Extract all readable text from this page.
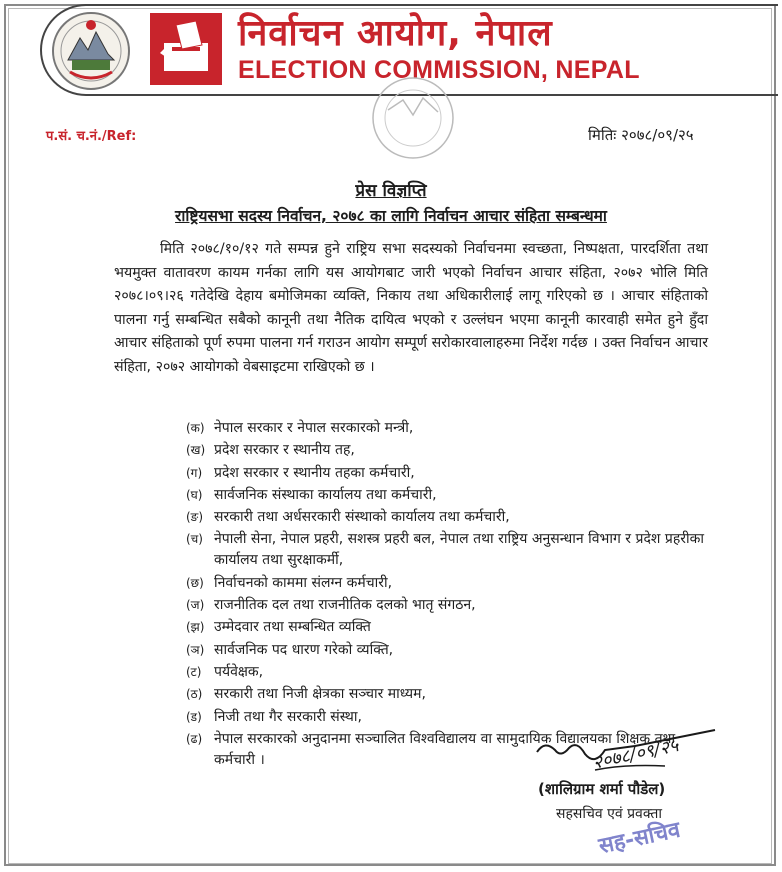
निर्वाचन आयोग, नेपाल
ELECTION COMMISSION, NEPAL
प.सं. च.नं./Ref:	मितिः २०७८/०९/२५
प्रेस विज्ञप्ति
राष्ट्रियसभा सदस्य निर्वाचन, २०७८ का लागि निर्वाचन आचार संहिता सम्बन्धमा

मिति २०७८/१०/१२ गते सम्पन्न हुने राष्ट्रिय सभा सदस्यको निर्वाचनमा स्वच्छता, निष्पक्षता, पारदर्शिता तथा भयमुक्त वातावरण कायम गर्नका लागि यस आयोगबाट जारी भएको निर्वाचन आचार संहिता, २०७२ भोलि मिति २०७८।०९।२६ गतेदेखि देहाय बमोजिमका व्यक्ति, निकाय तथा अधिकारीलाई लागू गरिएको छ । आचार संहिताको पालना गर्नु सम्बन्धित सबैको कानूनी तथा नैतिक दायित्व भएको र उल्लंघन भएमा कानूनी कारवाही समेत हुने हुँदा आचार संहिताको पूर्ण रुपमा पालना गर्न गराउन आयोग सम्पूर्ण सरोकारवालाहरुमा निर्देश गर्दछ । उक्त निर्वाचन आचार संहिता, २०७२ आयोगको वेबसाइटमा राखिएको छ ।

(क) नेपाल सरकार र नेपाल सरकारको मन्त्री,
(ख) प्रदेश सरकार र स्थानीय तह,
(ग) प्रदेश सरकार र स्थानीय तहका कर्मचारी,
(घ) सार्वजनिक संस्थाका कार्यालय तथा कर्मचारी,
(ङ) सरकारी तथा अर्धसरकारी संस्थाको कार्यालय तथा कर्मचारी,
(च) नेपाली सेना, नेपाल प्रहरी, सशस्त्र प्रहरी बल, नेपाल तथा राष्ट्रिय अनुसन्धान विभाग र प्रदेश प्रहरीका कार्यालय तथा सुरक्षाकर्मी,
(छ) निर्वाचनको काममा संलग्न कर्मचारी,
(ज) राजनीतिक दल तथा राजनीतिक दलको भातृ संगठन,
(झ) उम्मेदवार तथा सम्बन्धित व्यक्ति
(ञ) सार्वजनिक पद धारण गरेको व्यक्ति,
(ट) पर्यवेक्षक,
(ठ) सरकारी तथा निजी क्षेत्रका सञ्चार माध्यम,
(ड) निजी तथा गैर सरकारी संस्था,
(ढ) नेपाल सरकारको अनुदानमा सञ्चालित विश्वविद्यालय वा सामुदायिक विद्यालयका शिक्षक तथा कर्मचारी ।	२०७८/०९/२५
(शालिग्राम शर्मा पौडेल)
सहसचिव एवं प्रवक्ता
सह-सचिव
